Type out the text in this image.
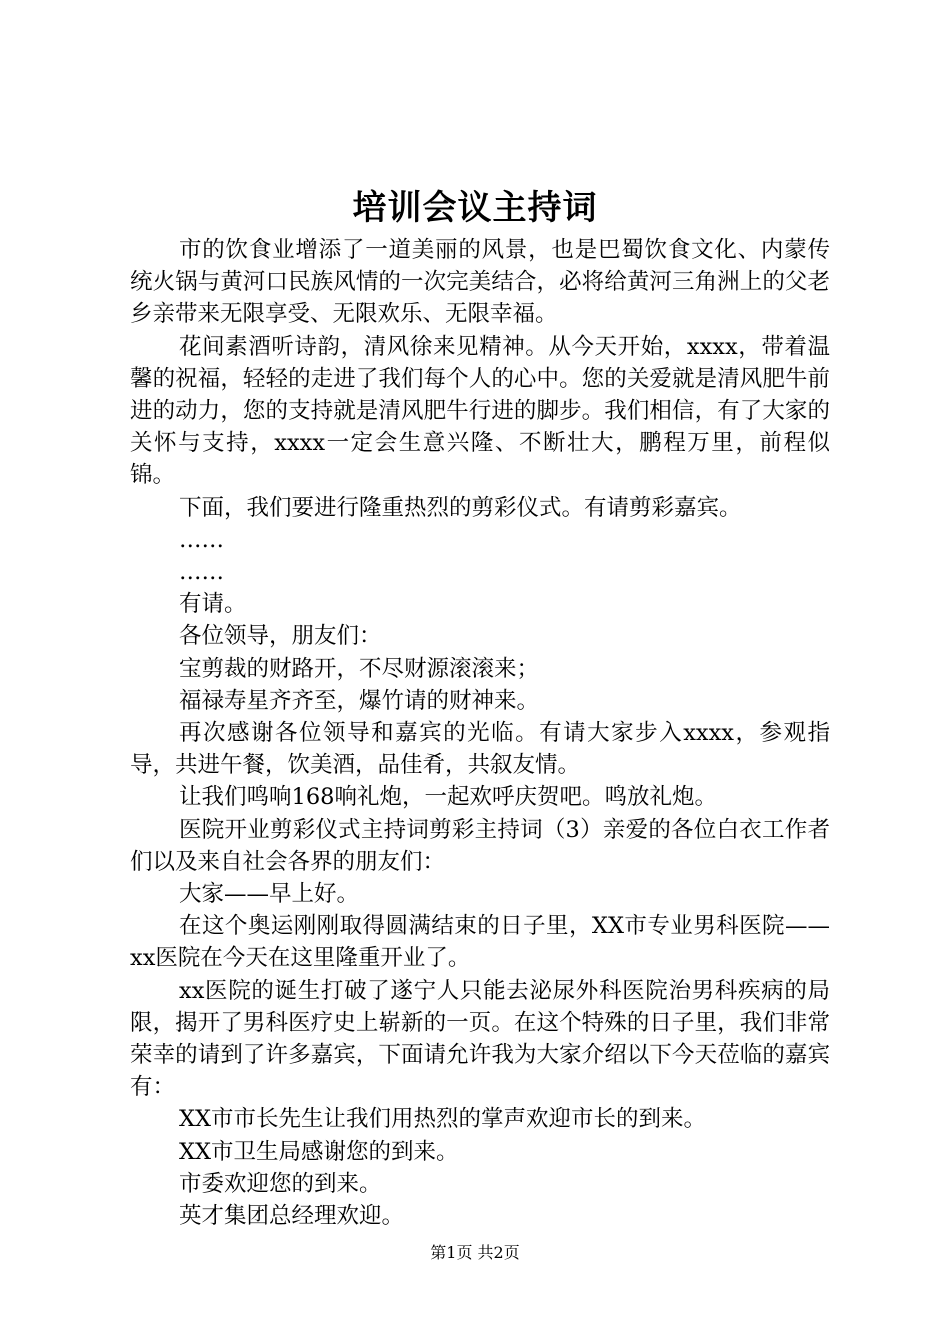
培训会议主持词

市的饮食业增添了一道美丽的风景，也是巴蜀饮食文化、内蒙传统火锅与黄河口民族风情的一次完美结合，必将给黄河三角洲上的父老乡亲带来无限享受、无限欢乐、无限幸福。

花间素酒听诗韵，清风徐来见精神。从今天开始，xxxx，带着温馨的祝福，轻轻的走进了我们每个人的心中。您的关爱就是清风肥牛前进的动力，您的支持就是清风肥牛行进的脚步。我们相信，有了大家的关怀与支持，xxxx一定会生意兴隆、不断壮大，鹏程万里，前程似锦。

下面，我们要进行隆重热烈的剪彩仪式。有请剪彩嘉宾。

……

……

有请。

各位领导，朋友们：

宝剪裁的财路开，不尽财源滚滚来；

福禄寿星齐齐至，爆竹请的财神来。

再次感谢各位领导和嘉宾的光临。有请大家步入xxxx，参观指导，共进午餐，饮美酒，品佳肴，共叙友情。

让我们鸣响168响礼炮，一起欢呼庆贺吧。鸣放礼炮。

医院开业剪彩仪式主持词剪彩主持词（3）亲爱的各位白衣工作者们以及来自社会各界的朋友们：

大家——早上好。

在这个奥运刚刚取得圆满结束的日子里，XX市专业男科医院——xx医院在今天在这里隆重开业了。

xx医院的诞生打破了遂宁人只能去泌尿外科医院治男科疾病的局限，揭开了男科医疗史上崭新的一页。在这个特殊的日子里，我们非常荣幸的请到了许多嘉宾，下面请允许我为大家介绍以下今天莅临的嘉宾有：

XX市市长先生让我们用热烈的掌声欢迎市长的到来。

XX市卫生局感谢您的到来。

市委欢迎您的到来。

英才集团总经理欢迎。

第1页 共2页
